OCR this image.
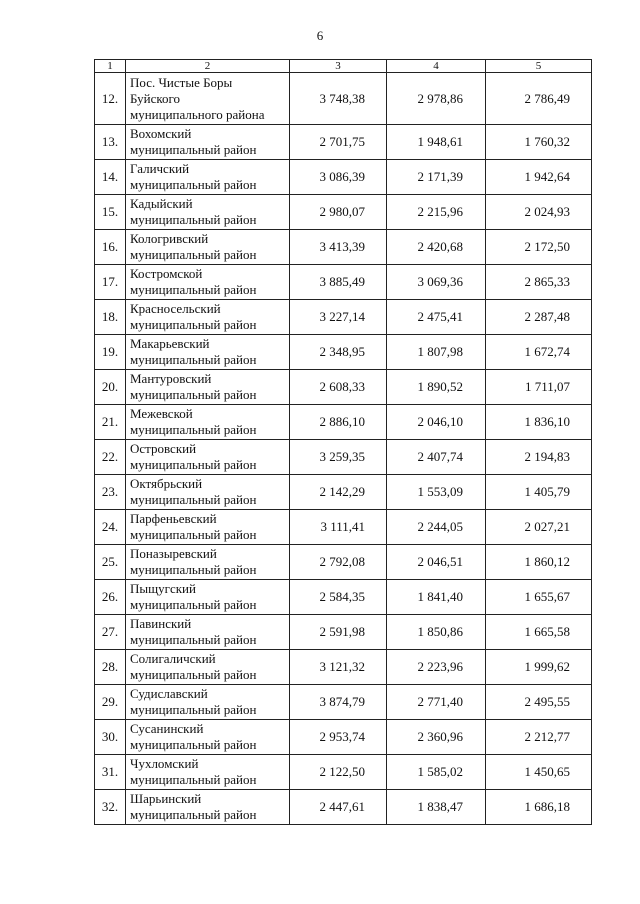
6
1	2	3	4	5
12.	Пос. Чистые Боры
Буйского
муниципального района	3 748,38	2 978,86	2 786,49
13.	Вохомский
муниципальный район	2 701,75	1 948,61	1 760,32
14.	Галичский
муниципальный район	3 086,39	2 171,39	1 942,64
15.	Кадыйский
муниципальный район	2 980,07	2 215,96	2 024,93
16.	Кологривский
муниципальный район	3 413,39	2 420,68	2 172,50
17.	Костромской
муниципальный район	3 885,49	3 069,36	2 865,33
18.	Красносельский
муниципальный район	3 227,14	2 475,41	2 287,48
19.	Макарьевский
муниципальный район	2 348,95	1 807,98	1 672,74
20.	Мантуровский
муниципальный район	2 608,33	1 890,52	1 711,07
21.	Межевской
муниципальный район	2 886,10	2 046,10	1 836,10
22.	Островский
муниципальный район	3 259,35	2 407,74	2 194,83
23.	Октябрьский
муниципальный район	2 142,29	1 553,09	1 405,79
24.	Парфеньевский
муниципальный район	3 111,41	2 244,05	2 027,21
25.	Поназыревский
муниципальный район	2 792,08	2 046,51	1 860,12
26.	Пыщугский
муниципальный район	2 584,35	1 841,40	1 655,67
27.	Павинский
муниципальный район	2 591,98	1 850,86	1 665,58
28.	Солигаличский
муниципальный район	3 121,32	2 223,96	1 999,62
29.	Судиславский
муниципальный район	3 874,79	2 771,40	2 495,55
30.	Сусанинский
муниципальный район	2 953,74	2 360,96	2 212,77
31.	Чухломский
муниципальный район	2 122,50	1 585,02	1 450,65
32.	Шарьинский
муниципальный район	2 447,61	1 838,47	1 686,18
